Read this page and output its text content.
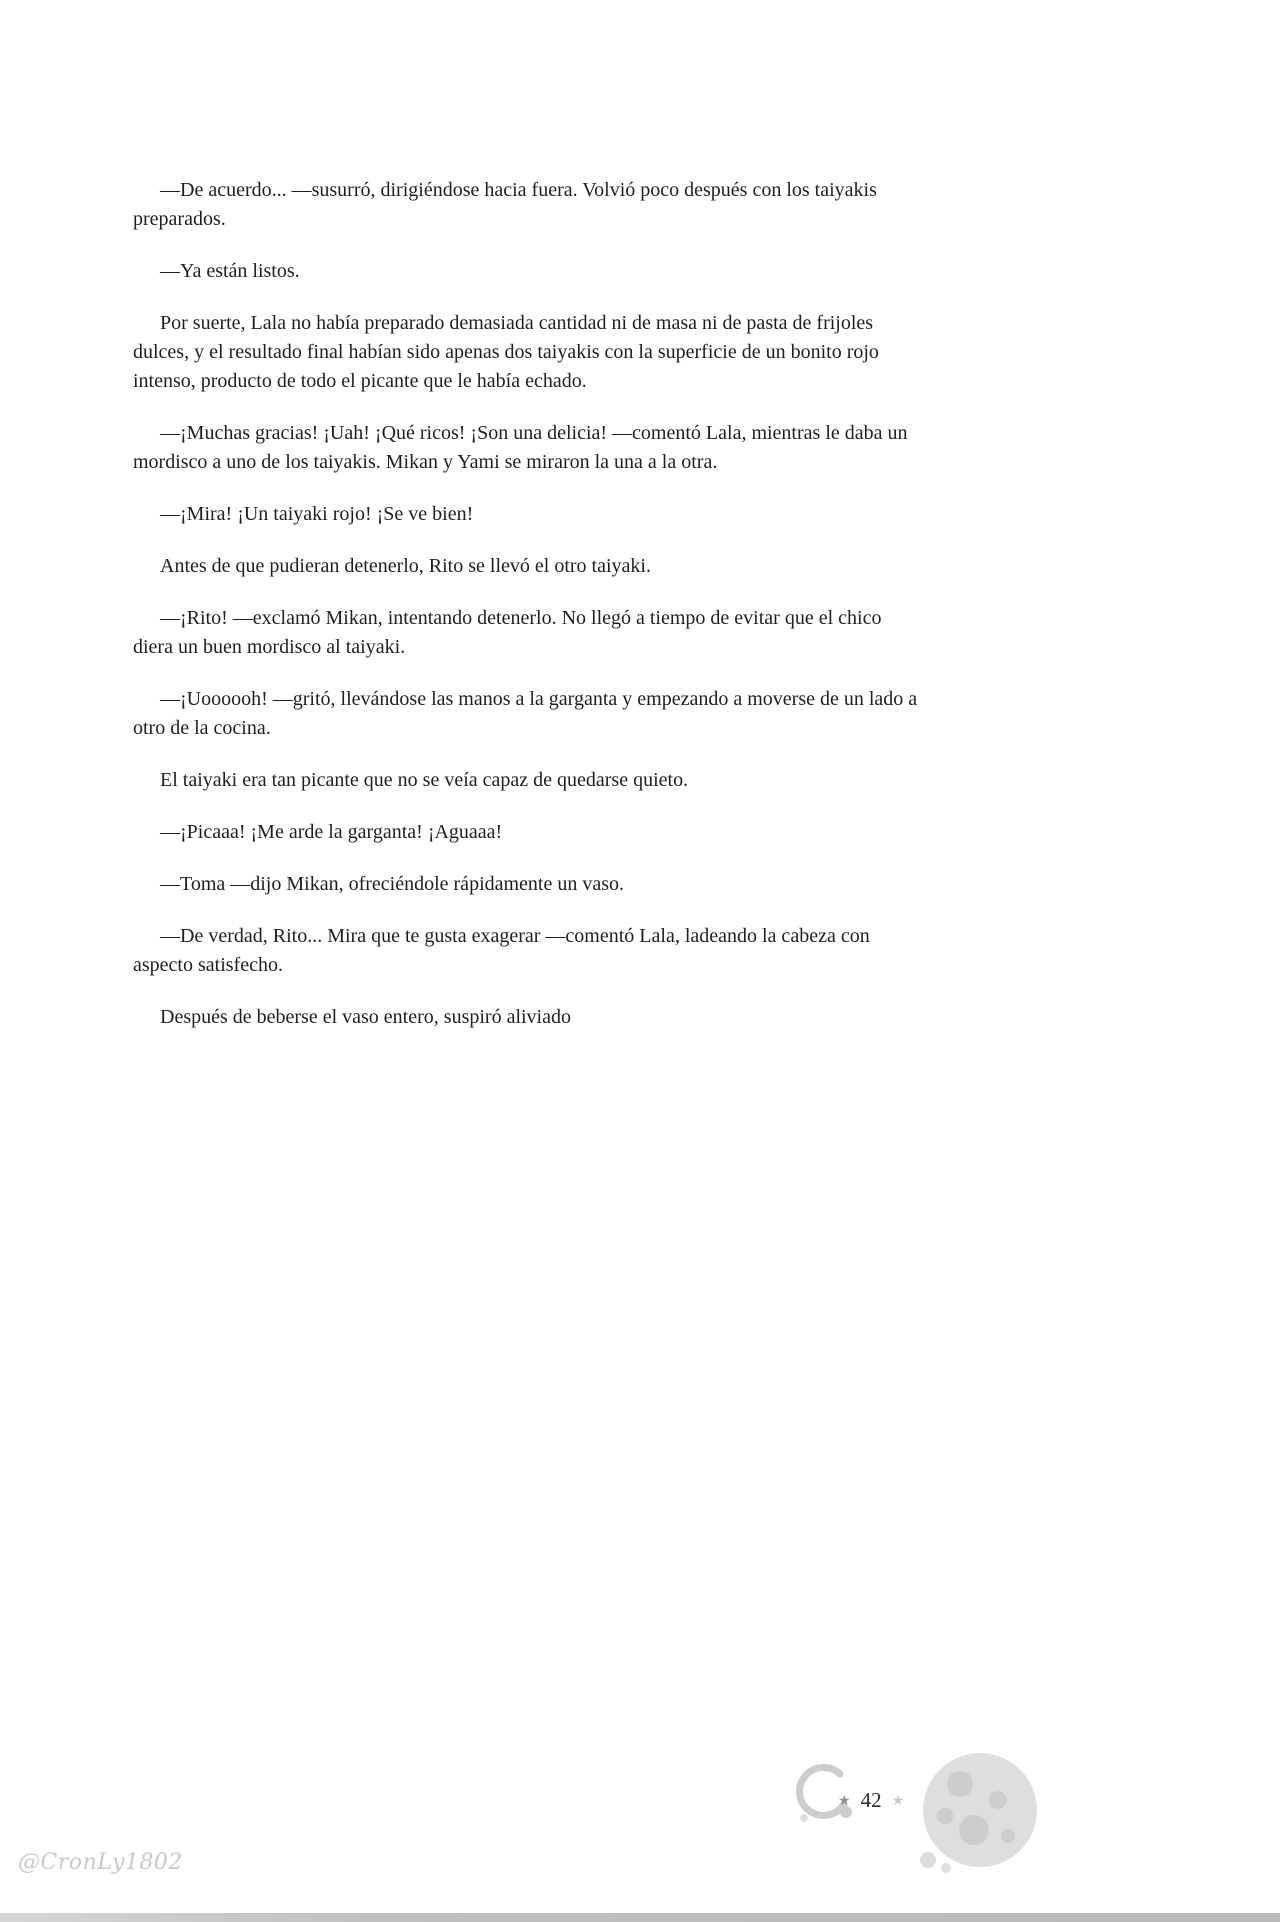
—De acuerdo... —susurró, dirigiéndose hacia fuera. Volvió poco después con los taiyakis preparados.

—Ya están listos.

Por suerte, Lala no había preparado demasiada cantidad ni de masa ni de pasta de frijoles dulces, y el resultado final habían sido apenas dos taiyakis con la superficie de un bonito rojo intenso, producto de todo el picante que le había echado.

—¡Muchas gracias! ¡Uah! ¡Qué ricos! ¡Son una delicia! —comentó Lala, mientras le daba un mordisco a uno de los taiyakis. Mikan y Yami se miraron la una a la otra.

—¡Mira! ¡Un taiyaki rojo! ¡Se ve bien!

Antes de que pudieran detenerlo, Rito se llevó el otro taiyaki.

—¡Rito! —exclamó Mikan, intentando detenerlo. No llegó a tiempo de evitar que el chico diera un buen mordisco al taiyaki.

—¡Uoooooh! —gritó, llevándose las manos a la garganta y empezando a moverse de un lado a otro de la cocina.

El taiyaki era tan picante que no se veía capaz de quedarse quieto.

—¡Picaaa! ¡Me arde la garganta! ¡Aguaaa!

—Toma —dijo Mikan, ofreciéndole rápidamente un vaso.

—De verdad, Rito... Mira que te gusta exagerar —comentó Lala, ladeando la cabeza con aspecto satisfecho.

Después de beberse el vaso entero, suspiró aliviado

★ 42 ★
@CronLy1802
